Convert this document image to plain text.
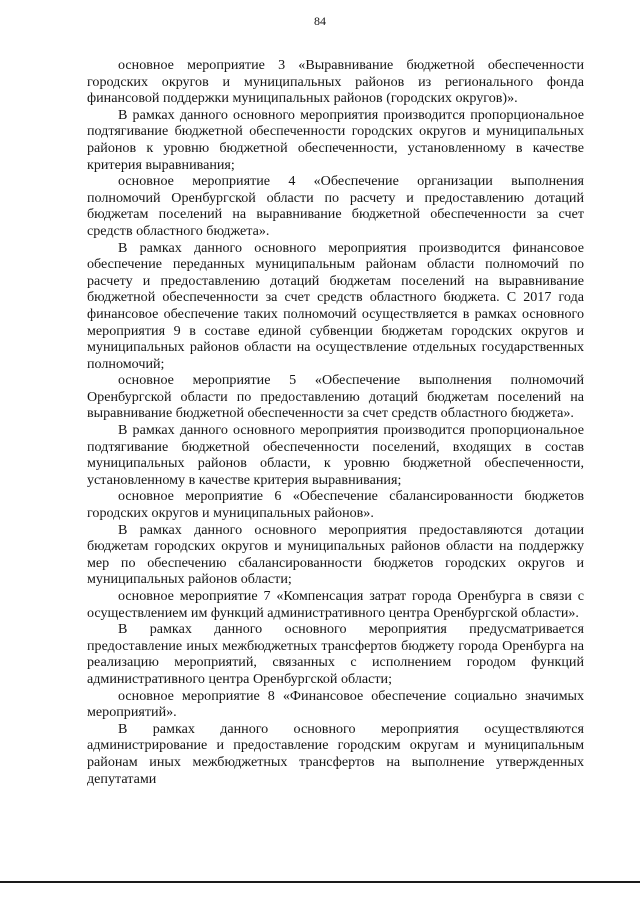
84

основное мероприятие 3 «Выравнивание бюджетной обеспеченности городских округов и муниципальных районов из регионального фонда финансовой поддержки муниципальных районов (городских округов)».

В рамках данного основного мероприятия производится пропорциональное подтягивание бюджетной обеспеченности городских округов и муниципальных районов к уровню бюджетной обеспеченности, установленному в качестве критерия выравнивания;

основное мероприятие 4 «Обеспечение организации выполнения полномочий Оренбургской области по расчету и предоставлению дотаций бюджетам поселений на выравнивание бюджетной обеспеченности за счет средств областного бюджета».

В рамках данного основного мероприятия производится финансовое обеспечение переданных муниципальным районам области полномочий по расчету и предоставлению дотаций бюджетам поселений на выравнивание бюджетной обеспеченности за счет средств областного бюджета. С 2017 года финансовое обеспечение таких полномочий осуществляется в рамках основного мероприятия 9 в составе единой субвенции бюджетам городских округов и муниципальных районов области на осуществление отдельных государственных полномочий;

основное мероприятие 5 «Обеспечение выполнения полномочий Оренбургской области по предоставлению дотаций бюджетам поселений на выравнивание бюджетной обеспеченности за счет средств областного бюджета».

В рамках данного основного мероприятия производится пропорциональное подтягивание бюджетной обеспеченности поселений, входящих в состав муниципальных районов области, к уровню бюджетной обеспеченности, установленному в качестве критерия выравнивания;

основное мероприятие 6 «Обеспечение сбалансированности бюджетов городских округов и муниципальных районов».

В рамках данного основного мероприятия предоставляются дотации бюджетам городских округов и муниципальных районов области на поддержку мер по обеспечению сбалансированности бюджетов городских округов и муниципальных районов области;

основное мероприятие 7 «Компенсация затрат города Оренбурга в связи с осуществлением им функций административного центра Оренбургской области».

В рамках данного основного мероприятия предусматривается предоставление иных межбюджетных трансфертов бюджету города Оренбурга на реализацию мероприятий, связанных с исполнением городом функций административного центра Оренбургской области;

основное мероприятие 8 «Финансовое обеспечение социально значимых мероприятий».

В рамках данного основного мероприятия осуществляются администрирование и предоставление городским округам и муниципальным районам иных межбюджетных трансфертов на выполнение утвержденных депутатами
